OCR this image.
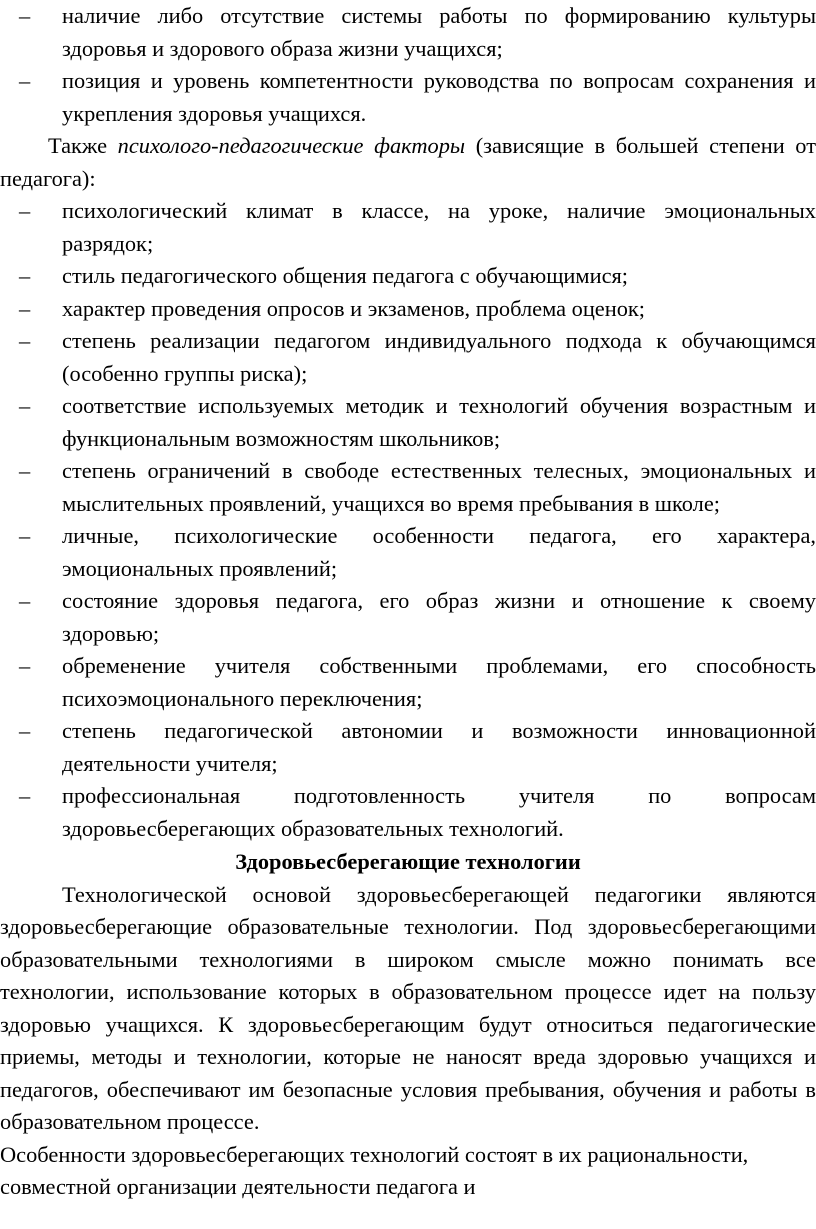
– наличие либо отсутствие системы работы по формированию культуры здоровья и здорового образа жизни учащихся;
– позиция и уровень компетентности руководства по вопросам сохранения и укрепления здоровья учащихся.

Также психолого-педагогические факторы (зависящие в большей степени от педагога):

– психологический климат в классе, на уроке, наличие эмоциональных разрядок;
– стиль педагогического общения педагога с обучающимися;
– характер проведения опросов и экзаменов, проблема оценок;
– степень реализации педагогом индивидуального подхода к обучающимся (особенно группы риска);
– соответствие используемых методик и технологий обучения возрастным и функциональным возможностям школьников;
– степень ограничений в свободе естественных телесных, эмоциональных и мыслительных проявлений, учащихся во время пребывания в школе;
– личные, психологические особенности педагога, его характера, эмоциональных проявлений;
– состояние здоровья педагога, его образ жизни и отношение к своему здоровью;
– обременение учителя собственными проблемами, его способность психоэмоционального переключения;
– степень педагогической автономии и возможности инновационной деятельности учителя;
– профессиональная подготовленность учителя по вопросам здоровьесберегающих образовательных технологий.

Здоровьесберегающие технологии

Технологической основой здоровьесберегающей педагогики являются здоровьесберегающие образовательные технологии. Под здоровьесберегающими образовательными технологиями в широком смысле можно понимать все технологии, использование которых в образовательном процессе идет на пользу здоровью учащихся. К здоровьесберегающим будут относиться педагогические приемы, методы и технологии, которые не наносят вреда здоровью учащихся и педагогов, обеспечивают им безопасные условия пребывания, обучения и работы в образовательном процессе.

Особенности здоровьесберегающих технологий состоят в их рациональности, совместной организации деятельности педагога и
